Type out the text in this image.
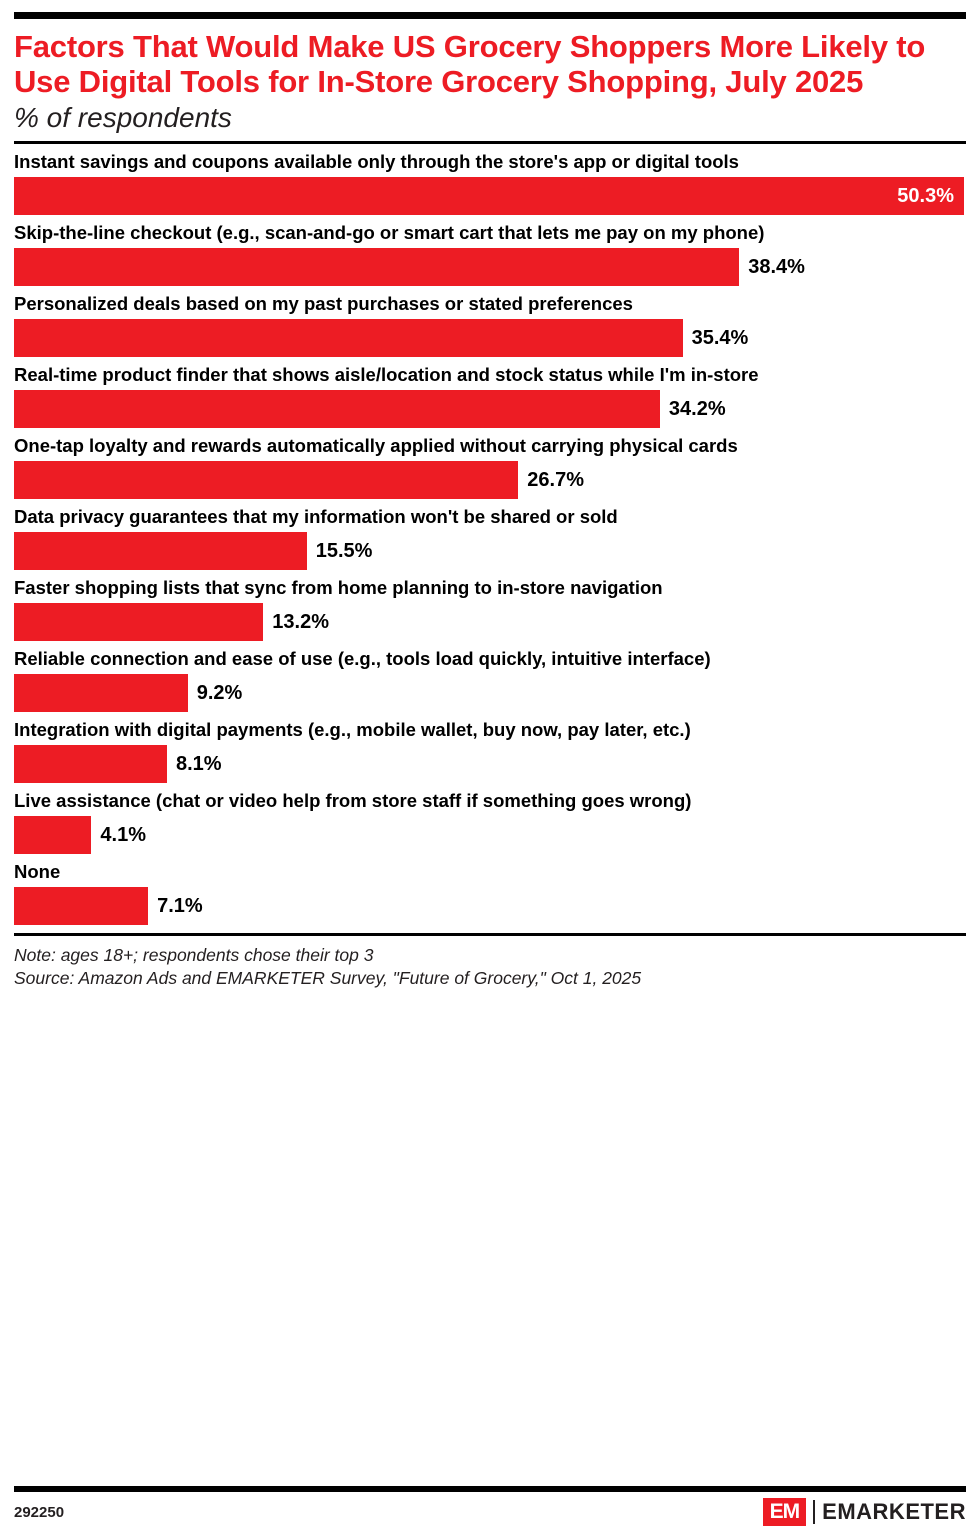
Factors That Would Make US Grocery Shoppers More Likely to Use Digital Tools for In-Store Grocery Shopping, July 2025
% of respondents
Instant savings and coupons available only through the store's app or digital tools
50.3%
Skip-the-line checkout (e.g., scan-and-go or smart cart that lets me pay on my phone)
38.4%
Personalized deals based on my past purchases or stated preferences
35.4%
Real-time product finder that shows aisle/location and stock status while I'm in-store
34.2%
One-tap loyalty and rewards automatically applied without carrying physical cards
26.7%
Data privacy guarantees that my information won't be shared or sold
15.5%
Faster shopping lists that sync from home planning to in-store navigation
13.2%
Reliable connection and ease of use (e.g., tools load quickly, intuitive interface)
9.2%
Integration with digital payments (e.g., mobile wallet, buy now, pay later, etc.)
8.1%
Live assistance (chat or video help from store staff if something goes wrong)
4.1%
None
7.1%
Note: ages 18+; respondents chose their top 3
Source: Amazon Ads and EMARKETER Survey, "Future of Grocery," Oct 1, 2025
292250	EM	EMARKETER
